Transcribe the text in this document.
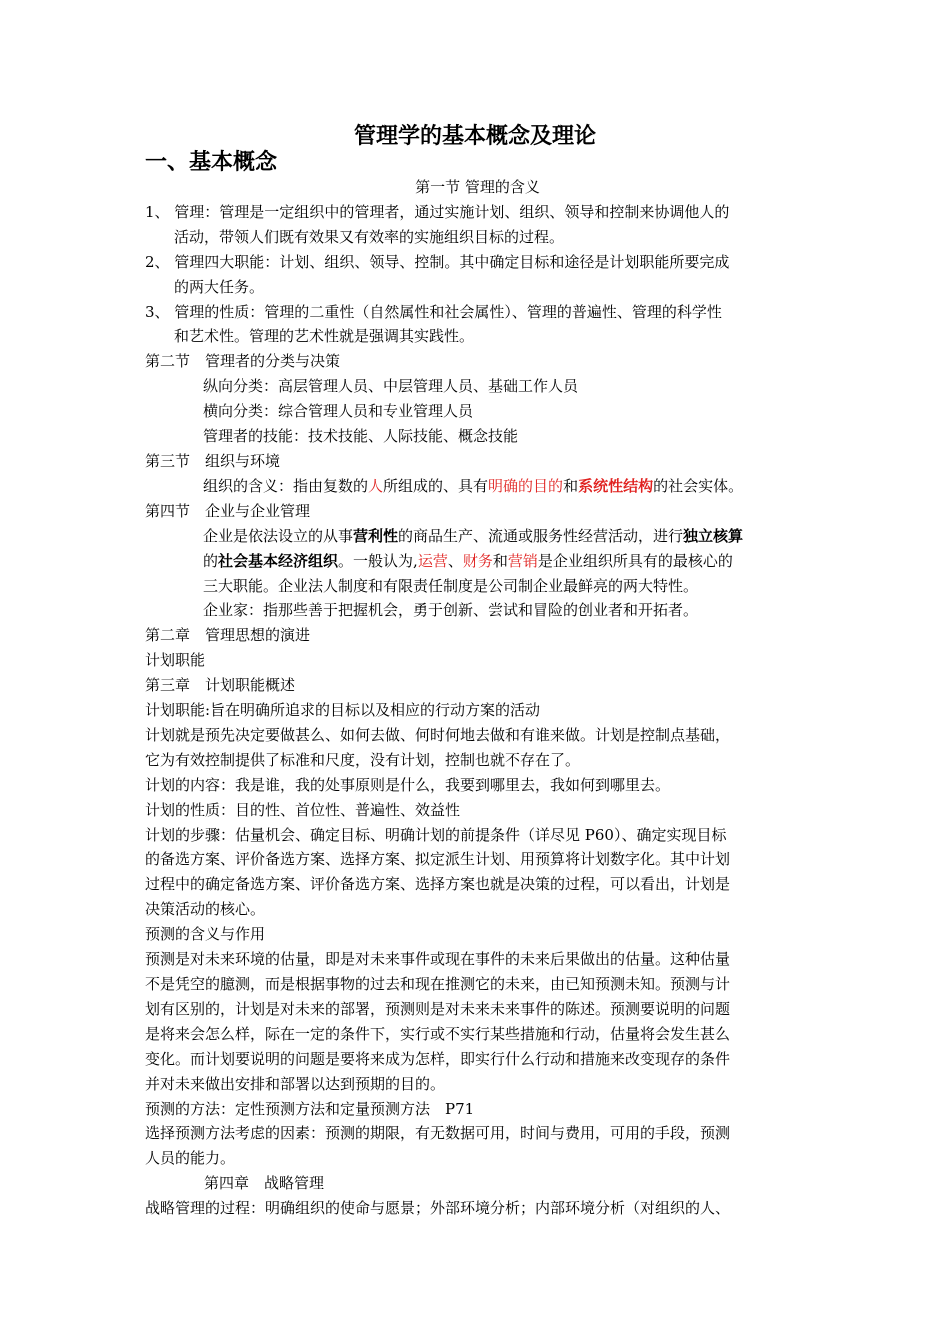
管理学的基本概念及理论
一、基本概念

第一节 管理的含义

1、 管理：管理是一定组织中的管理者，通过实施计划、组织、领导和控制来协调他人的

活动，带领人们既有效果又有效率的实施组织目标的过程。

2、 管理四大职能：计划、组织、领导、控制。其中确定目标和途径是计划职能所要完成

的两大任务。

3、 管理的性质：管理的二重性（自然属性和社会属性）、管理的普遍性、管理的科学性

和艺术性。管理的艺术性就是强调其实践性。

第二节　管理者的分类与决策

纵向分类：高层管理人员、中层管理人员、基础工作人员

横向分类：综合管理人员和专业管理人员

管理者的技能：技术技能、人际技能、概念技能

第三节　组织与环境

组织的含义：指由复数的人所组成的、具有明确的目的和系统性结构的社会实体。

第四节　企业与企业管理

企业是依法设立的从事营利性的商品生产、流通或服务性经营活动，进行独立核算

的社会基本经济组织。一般认为,运营、财务和营销是企业组织所具有的最核心的

三大职能。企业法人制度和有限责任制度是公司制企业最鲜亮的两大特性。

企业家：指那些善于把握机会，勇于创新、尝试和冒险的创业者和开拓者。

第二章　管理思想的演进

计划职能

第三章　计划职能概述

计划职能:旨在明确所追求的目标以及相应的行动方案的活动

计划就是预先决定要做甚么、如何去做、何时何地去做和有谁来做。计划是控制点基础，

它为有效控制提供了标准和尺度，没有计划，控制也就不存在了。

计划的内容：我是谁，我的处事原则是什么，我要到哪里去，我如何到哪里去。

计划的性质：目的性、首位性、普遍性、效益性

计划的步骤：估量机会、确定目标、明确计划的前提条件（详尽见 P60）、确定实现目标

的备选方案、评价备选方案、选择方案、拟定派生计划、用预算将计划数字化。其中计划

过程中的确定备选方案、评价备选方案、选择方案也就是决策的过程，可以看出，计划是

决策活动的核心。

预测的含义与作用

预测是对未来环境的估量，即是对未来事件或现在事件的未来后果做出的估量。这种估量

不是凭空的臆测，而是根据事物的过去和现在推测它的未来，由已知预测未知。预测与计

划有区别的，计划是对未来的部署，预测则是对未来未来事件的陈述。预测要说明的问题

是将来会怎么样，际在一定的条件下，实行或不实行某些措施和行动，估量将会发生甚么

变化。而计划要说明的问题是要将来成为怎样，即实行什么行动和措施来改变现存的条件

并对未来做出安排和部署以达到预期的目的。

预测的方法：定性预测方法和定量预测方法　P71

选择预测方法考虑的因素：预测的期限，有无数据可用，时间与费用，可用的手段，预测

人员的能力。

第四章　战略管理

战略管理的过程：明确组织的使命与愿景；外部环境分析；内部环境分析（对组织的人、
